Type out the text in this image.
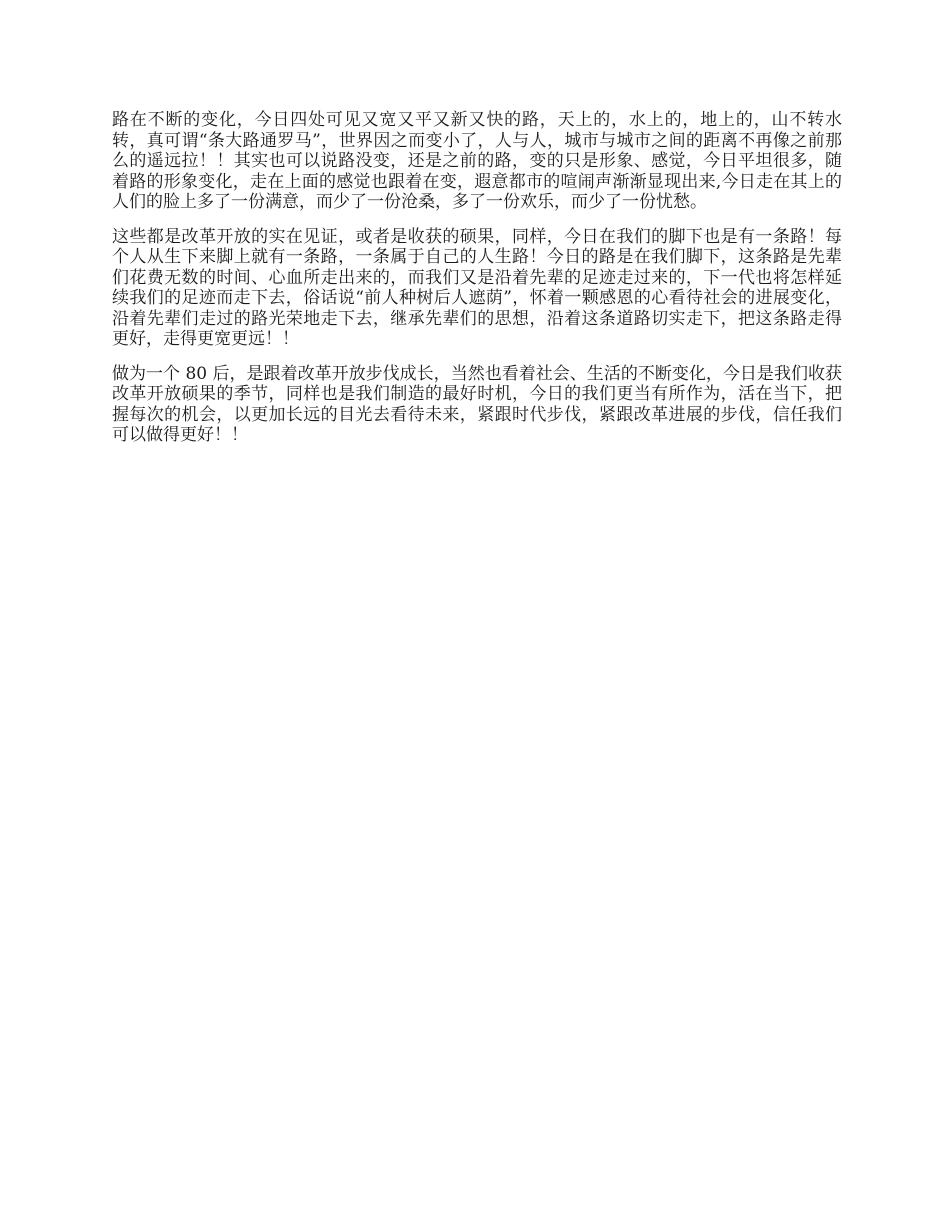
路在不断的变化，今日四处可见又宽又平又新又快的路，天上的，水上的，地上的，山不转水转，真可谓“条大路通罗马”，世界因之而变小了，人与人，城市与城市之间的距离不再像之前那么的遥远拉！！其实也可以说路没变，还是之前的路，变的只是形象、感觉，今日平坦很多，随着路的形象变化，走在上面的感觉也跟着在变，遐意都市的喧闹声渐渐显现出来,今日走在其上的人们的脸上多了一份满意，而少了一份沧桑，多了一份欢乐，而少了一份忧愁。

这些都是改革开放的实在见证，或者是收获的硕果，同样，今日在我们的脚下也是有一条路！每个人从生下来脚上就有一条路，一条属于自己的人生路！今日的路是在我们脚下，这条路是先辈们花费无数的时间、心血所走出来的，而我们又是沿着先辈的足迹走过来的，下一代也将怎样延续我们的足迹而走下去，俗话说“前人种树后人遮荫”，怀着一颗感恩的心看待社会的进展变化，沿着先辈们走过的路光荣地走下去，继承先辈们的思想，沿着这条道路切实走下，把这条路走得更好，走得更宽更远！！

做为一个 80 后，是跟着改革开放步伐成长，当然也看着社会、生活的不断变化，今日是我们收获改革开放硕果的季节，同样也是我们制造的最好时机，今日的我们更当有所作为，活在当下，把握每次的机会，以更加长远的目光去看待未来，紧跟时代步伐，紧跟改革进展的步伐，信任我们可以做得更好！！
